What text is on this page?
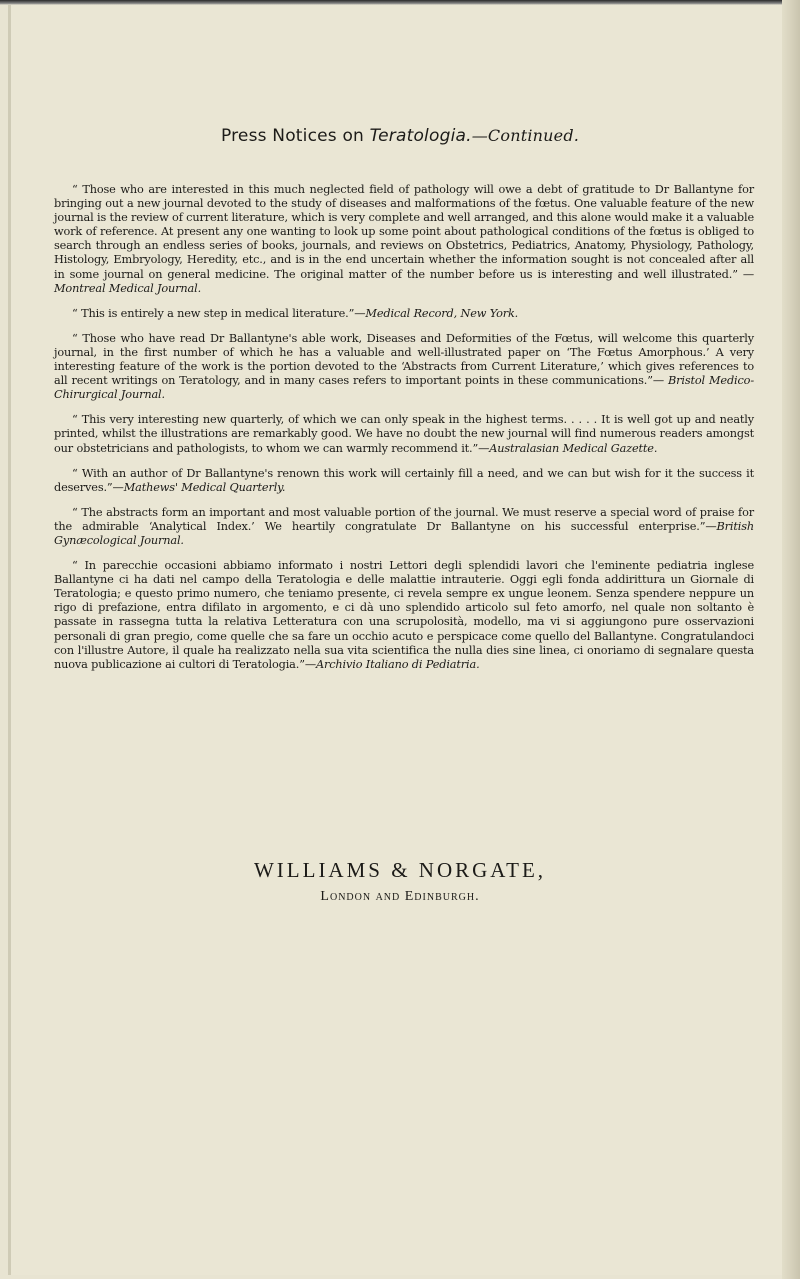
Press Notices on Teratologia.—Continued.

“ Those who are interested in this much neglected field of pathology will owe a debt of gratitude to Dr Ballantyne for bringing out a new journal devoted to the study of diseases and malformations of the fœtus. One valuable feature of the new journal is the review of current literature, which is very complete and well arranged, and this alone would make it a valuable work of reference. At present any one wanting to look up some point about pathological conditions of the fœtus is obliged to search through an endless series of books, journals, and reviews on Obstetrics, Pediatrics, Anatomy, Physiology, Pathology, Histology, Embryology, Heredity, etc., and is in the end uncertain whether the information sought is not concealed after all in some journal on general medicine. The original matter of the number before us is interesting and well illustrated.” —Montreal Medical Journal.

“ This is entirely a new step in medical literature.”—Medical Record, New York.

“ Those who have read Dr Ballantyne's able work, Diseases and Deformities of the Fœtus, will welcome this quarterly journal, in the first number of which he has a valuable and well-illustrated paper on ‘The Fœtus Amorphous.’ A very interesting feature of the work is the portion devoted to the ‘Abstracts from Current Literature,’ which gives references to all recent writings on Teratology, and in many cases refers to important points in these communications.”— Bristol Medico-Chirurgical Journal.

“ This very interesting new quarterly, of which we can only speak in the highest terms. . . . . It is well got up and neatly printed, whilst the illustrations are remarkably good. We have no doubt the new journal will find numerous readers amongst our obstetricians and pathologists, to whom we can warmly recommend it.”—Australasian Medical Gazette.

“ With an author of Dr Ballantyne's renown this work will certainly fill a need, and we can but wish for it the success it deserves.”—Mathews' Medical Quarterly.

“ The abstracts form an important and most valuable portion of the journal. We must reserve a special word of praise for the admirable ‘Analytical Index.’ We heartily congratulate Dr Ballantyne on his successful enterprise.”—British Gynæcological Journal.

“ In parecchie occasioni abbiamo informato i nostri Lettori degli splendidi lavori che l'eminente pediatria inglese Ballantyne ci ha dati nel campo della Teratologia e delle malattie intrauterie. Oggi egli fonda addirittura un Giornale di Teratologia; e questo primo numero, che teniamo presente, ci revela sempre ex ungue leonem. Senza spendere neppure un rigo di prefazione, entra difilato in argomento, e ci dà uno splendido articolo sul feto amorfo, nel quale non soltanto è passate in rassegna tutta la relativa Letteratura con una scrupolosità, modello, ma vi si aggiungono pure osservazioni personali di gran pregio, come quelle che sa fare un occhio acuto e perspicace come quello del Ballantyne. Congratulandoci con l'illustre Autore, il quale ha realizzato nella sua vita scientifica the nulla dies sine linea, ci onoriamo di segnalare questa nuova publicazione ai cultori di Teratologia.”—Archivio Italiano di Pediatria.

WILLIAMS & NORGATE,
London and Edinburgh.
